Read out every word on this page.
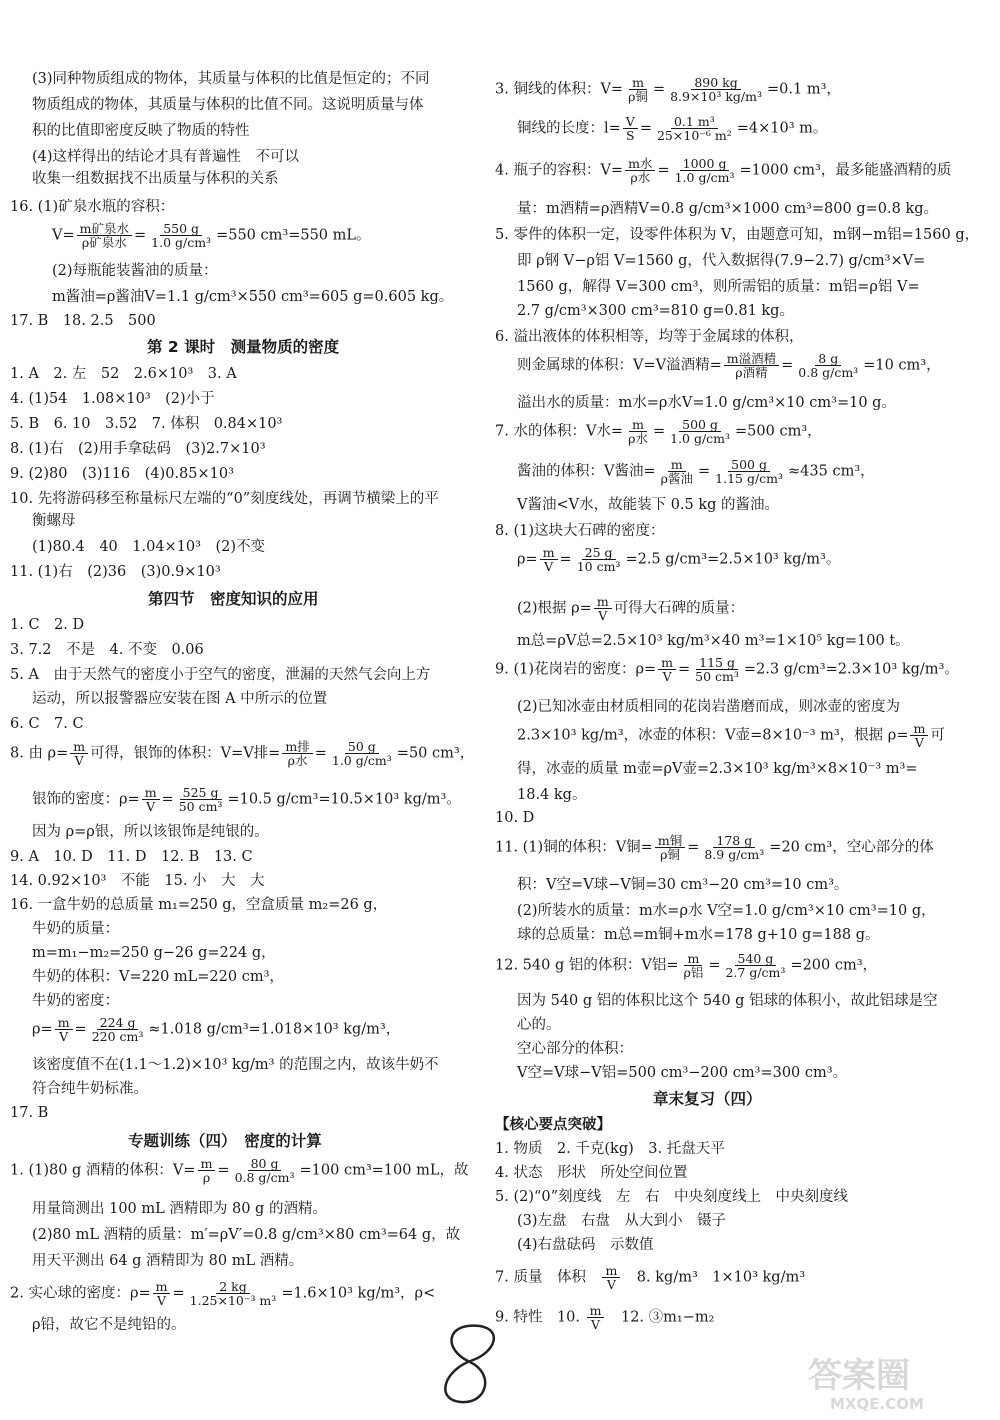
(3)同种物质组成的物体，其质量与体积的比值是恒定的；不同
物质组成的物体，其质量与体积的比值不同。这说明质量与体
积的比值即密度反映了物质的特性
(4)这样得出的结论才具有普遍性　不可以
收集一组数据找不出质量与体积的关系
16. (1)矿泉水瓶的容积：
V= m矿泉水
ρ矿泉水 = $\frac{550 g}{\text{1.0 g/cm³}} =550$ cm³=550 mL。
(2)每瓶能装酱油的质量：
m酱油=ρ酱油V=1.1 g/cm³×550 cm³=605 g=0.605 kg。
17. B　18. 2.5　500
第 2 课时　测量物质的密度
1. A　2. 左　52　2.6×10³　3. A
4. (1)54　1.08×10³　(2)小于
5. B　6. 10　3.52　7. 体积　0.84×10³
8. (1)右　(2)用手拿砝码　(3)2.7×10³
9. (2)80　(3)116　(4)0.85×10³
10. 先将游码移至称量标尺左端的“0”刻度线处，再调节横梁上的平
衡螺母
(1)80.4　40　1.04×10³　(2)不变
11. (1)右　(2)36　(3)0.9×10³
第四节　密度知识的应用
1. C　2. D
3. 7.2　不是　4. 不变　0.06
5. A　由于天然气的密度小于空气的密度，泄漏的天然气会向上方
运动，所以报警器应安装在图 A 中所示的位置
6. C　7. C
8. 由 $\rho= \frac{m}{V}$ 可得，银饰的体积：V=V排= m排
ρ水 = $\frac{50 g}{\text{1.0 g/cm³}} =50$ cm³，
银饰的密度：$\rho= \frac{m}{V} = \frac{525 g}{\text{50 cm³}} =10.5$ g/cm³=10.5×10³ kg/m³。
因为 ρ=ρ银，所以该银饰是纯银的。
9. A　10. D　11. D　12. B　13. C
14. 0.92×10³　不能　15. 小　大　大
16. 一盒牛奶的总质量 m₁=250 g，空盒质量 m₂=26 g，
牛奶的质量：
m=m₁−m₂=250 g−26 g=224 g，
牛奶的体积：V=220 mL=220 cm³，
牛奶的密度：
$\rho= \frac{m}{V} = \frac{224 g}{\text{220 cm³}} \approx 1.018$ g/cm³=1.018×10³ kg/m³，
该密度值不在(1.1～1.2)×10³ kg/m³ 的范围之内，故该牛奶不
符合纯牛奶标准。
17. B
专题训练（四）　密度的计算
1. (1)80 g 酒精的体积：$V= \frac{m}{\rho} = \frac{80 g}{\text{0.8 g/cm³}} =100$ cm³=100 mL，故
用量筒测出 100 mL 酒精即为 80 g 的酒精。
(2)80 mL 酒精的质量：m′=ρV′=0.8 g/cm³×80 cm³=64 g，故
用天平测出 64 g 酒精即为 80 mL 酒精。
2. 实心球的密度：$\rho= \frac{m}{V} = \frac{2 kg}{\text{1.25×10⁻³ m³}} =1.6\times 10^3$ kg/m³，ρ<
ρ铅，故它不是纯铅的。
3. 铜线的体积：V= m
ρ铜 = $\frac{890 kg}{\text{8.9×10³ kg/m³}} =0.1$ m³，
铜线的长度：$l= \frac{V}{S} = \frac{\text{0.1 m³}}{\text{25×10⁻⁶ m²}} =4\times 10^3$ m。
4. 瓶子的容积：V= m水
ρ水 = $\frac{1000 g}{\text{1.0 g/cm³}} =1000$ cm³，最多能盛酒精的质
量：m酒精=ρ酒精V=0.8 g/cm³×1000 cm³=800 g=0.8 kg。
5. 零件的体积一定，设零件体积为 V，由题意可知，m钢−m铝=1560 g，
即 ρ钢 V−ρ铝 V=1560 g，代入数据得(7.9−2.7) g/cm³×V=
1560 g，解得 V=300 cm³，则所需铝的质量：m铝=ρ铝 V=
2.7 g/cm³×300 cm³=810 g=0.81 kg。
6. 溢出液体的体积相等，均等于金属球的体积，
则金属球的体积：V=V溢酒精= m溢酒精
ρ酒精 = $\frac{8 g}{\text{0.8 g/cm³}} =10$ cm³，
溢出水的质量：m水=ρ水V=1.0 g/cm³×10 cm³=10 g。
7. 水的体积：V水= m
ρ水 = $\frac{500 g}{\text{1.0 g/cm³}} =500$ cm³，
酱油的体积：V酱油= m
ρ酱油 = $\frac{500 g}{\text{1.15 g/cm³}} \approx 435$ cm³，
V酱油<V水，故能装下 0.5 kg 的酱油。
8. (1)这块大石碑的密度：
$\rho= \frac{m}{V} = \frac{25 g}{\text{10 cm³}} =2.5$ g/cm³=2.5×10³ kg/m³。
(2)根据 $\rho= \frac{m}{V}$ 可得大石碑的质量：
m总=ρV总=2.5×10³ kg/m³×40 m³=1×10⁵ kg=100 t。
9. (1)花岗岩的密度：$\rho= \frac{m}{V} = \frac{115 g}{\text{50 cm³}} =2.3$ g/cm³=2.3×10³ kg/m³。
(2)已知冰壶由材质相同的花岗岩凿磨而成，则冰壶的密度为
2.3×10³ kg/m³，冰壶的体积：V壶=8×10⁻³ m³，根据 $\rho= \frac{m}{V}$ 可
得，冰壶的质量 m壶=ρV壶=2.3×10³ kg/m³×8×10⁻³ m³=
18.4 kg。
10. D
11. (1)铜的体积：V铜= m铜
ρ铜 = $\frac{178 g}{\text{8.9 g/cm³}} =20$ cm³，空心部分的体
积：V空=V球−V铜=30 cm³−20 cm³=10 cm³。
(2)所装水的质量：m水=ρ水 V空=1.0 g/cm³×10 cm³=10 g，
球的总质量：m总=m铜+m水=178 g+10 g=188 g。
12. 540 g 铝的体积：V铝= m
ρ铝 = $\frac{540 g}{\text{2.7 g/cm³}} =200$ cm³，
因为 540 g 铝的体积比这个 540 g 铝球的体积小，故此铝球是空
心的。
空心部分的体积：
V空=V球−V铝=500 cm³−200 cm³=300 cm³。
章末复习（四）
【核心要点突破】
1. 物质　2. 千克(kg)　3. 托盘天平
4. 状态　形状　所处空间位置
5. (2)“0”刻度线　左　右　中央刻度线上　中央刻度线
(3)左盘　右盘　从大到小　镊子
(4)右盘砝码　示数值
7. 质量　体积　 $\frac{m}{V}$ 　8. kg/m³　1×10³ kg/m³
9. 特性　10. $\frac{m}{V}$ 　12. ③m₁−m₂
答案圈
MXQE.COM
